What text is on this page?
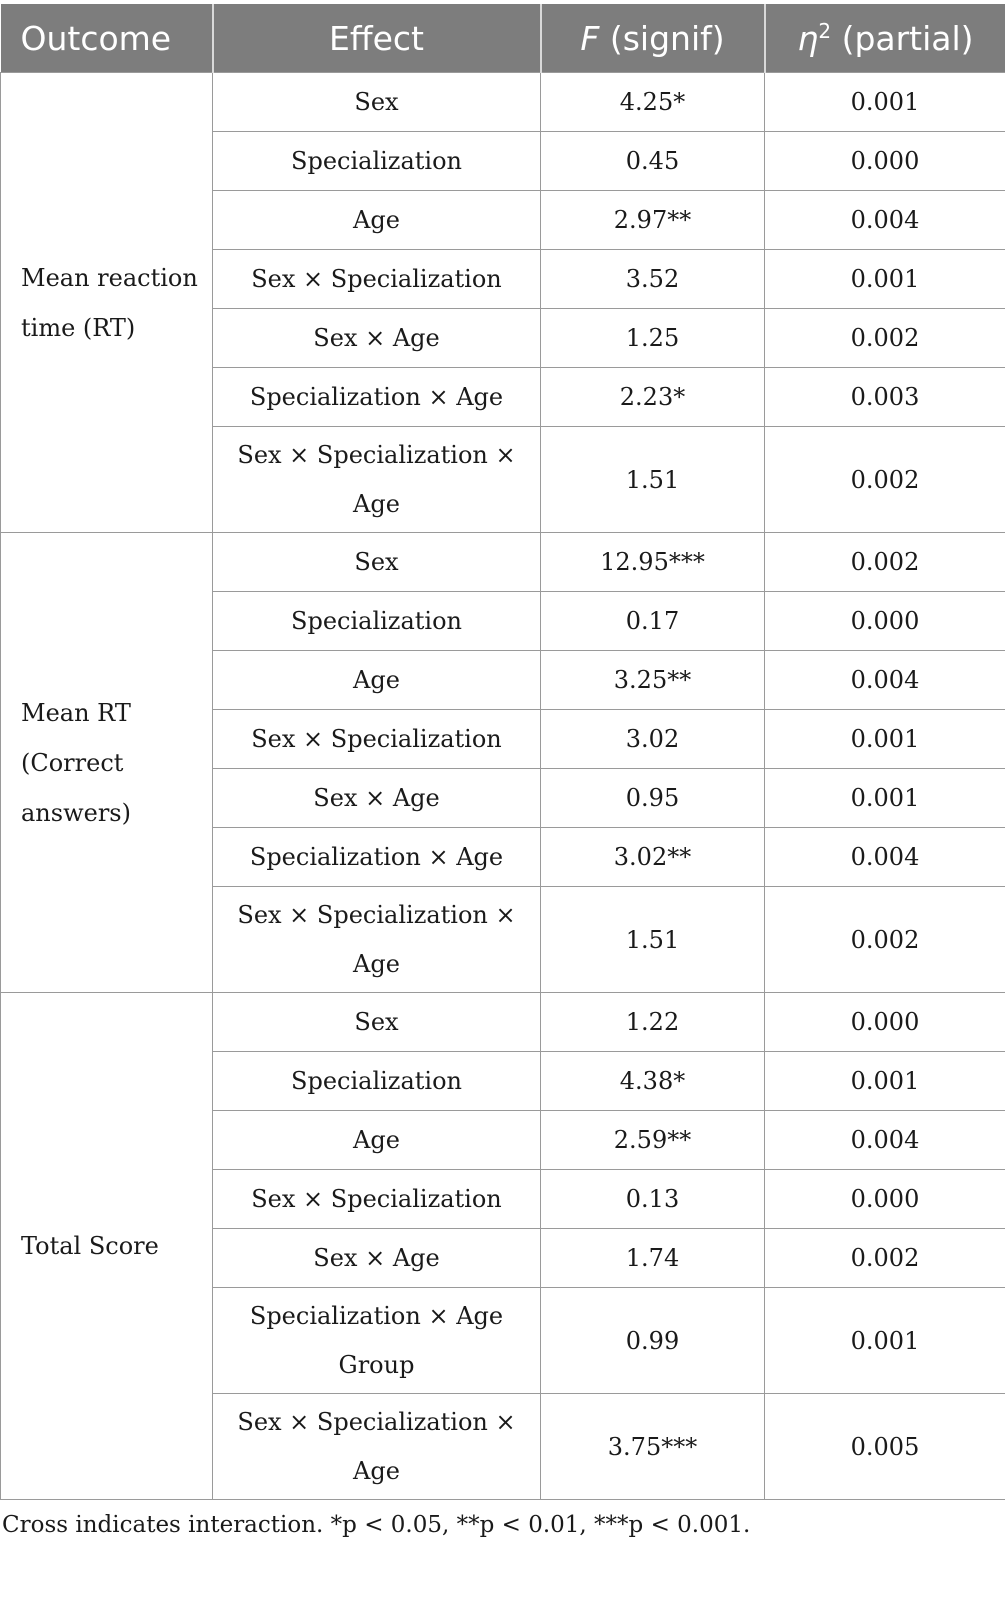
Outcome	Effect	F (signif)	$\eta^2$ (partial)
Mean reaction time (RT)	Sex	4.25*	0.001
	Specialization	0.45	0.000
	Age	2.97**	0.004
	Sex × Specialization	3.52	0.001
	Sex × Age	1.25	0.002
	Specialization × Age	2.23*	0.003
	Sex × Specialization × Age	1.51	0.002
Mean RT (Correct answers)	Sex	12.95***	0.002
	Specialization	0.17	0.000
	Age	3.25**	0.004
	Sex × Specialization	3.02	0.001
	Sex × Age	0.95	0.001
	Specialization × Age	3.02**	0.004
	Sex × Specialization × Age	1.51	0.002
Total Score	Sex	1.22	0.000
	Specialization	4.38*	0.001
	Age	2.59**	0.004
	Sex × Specialization	0.13	0.000
	Sex × Age	1.74	0.002
	Specialization × Age Group	0.99	0.001
	Sex × Specialization × Age	3.75***	0.005
Cross indicates interaction. *p < 0.05, **p < 0.01, ***p < 0.001.
